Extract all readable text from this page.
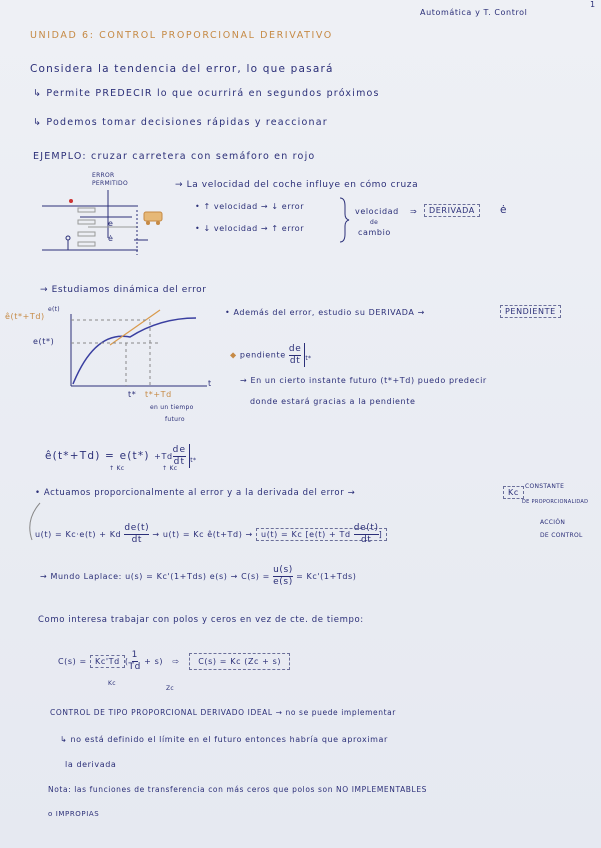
Automática y T. Control
1
UNIDAD 6: CONTROL PROPORCIONAL DERIVATIVO
Considera la tendencia del error, lo que pasará
↳ Permite PREDECIR lo que ocurrirá en segundos próximos
↳ Podemos tomar decisiones rápidas y reaccionar
EJEMPLO: cruzar carretera con semáforo en rojo
ERROR
PERMITIDO
e
ė
→ La velocidad del coche influye en cómo cruza
• ↑ velocidad → ↓ error
• ↓ velocidad → ↑ error
velocidad
de
cambio
⇒	DERIVADA	ė
→ Estudiamos dinámica del error
ê(t*+Td)
e(t)
e(t*)
t
t* t*+Td
en un tiempo
futuro
• Además del error, estudio su DERIVADA →	PENDIENTE
◆ pendiente $\frac{de}{dt} _{t*}$
→ En un cierto instante futuro (t*+Td) puedo predecir
donde estará gracias a la pendiente
ê(t*+Td) = $e(t*) +Td \frac{de}{dt} _{t*}$
↑ Kc	↑ Kc
• Actuamos proporcionalmente al error y a la derivada del error →	Kc
CONSTANTE
DE PROPORCIONALIDAD
u(t) = Kc·e(t) + Kd $\frac{de(t)}{dt} \to u(t) = Kc$ ê(t+Td) → u(t) = Kc [e(t) + Td $\frac{de(t)}{dt}$ ]
ACCIÓN
DE CONTROL
→ Mundo Laplace: u(s) = Kc'(1+Tds) $e(s) \to C(s) = \frac{u(s)}{e(s)} = Kc'(1+Tds)$
Como interesa trabajar con polos y ceros en vez de cte. de tiempo:
C(s) = Kc'Td ( $\frac{1}{Td} + s$) ⇨ C(s) = Kc (Zc + s)
Kc
Zc
CONTROL DE TIPO PROPORCIONAL DERIVADO IDEAL → no se puede implementar
↳ no está definido el límite en el futuro entonces habría que aproximar
la derivada
Nota: las funciones de transferencia con más ceros que polos son NO IMPLEMENTABLES
o IMPROPIAS
